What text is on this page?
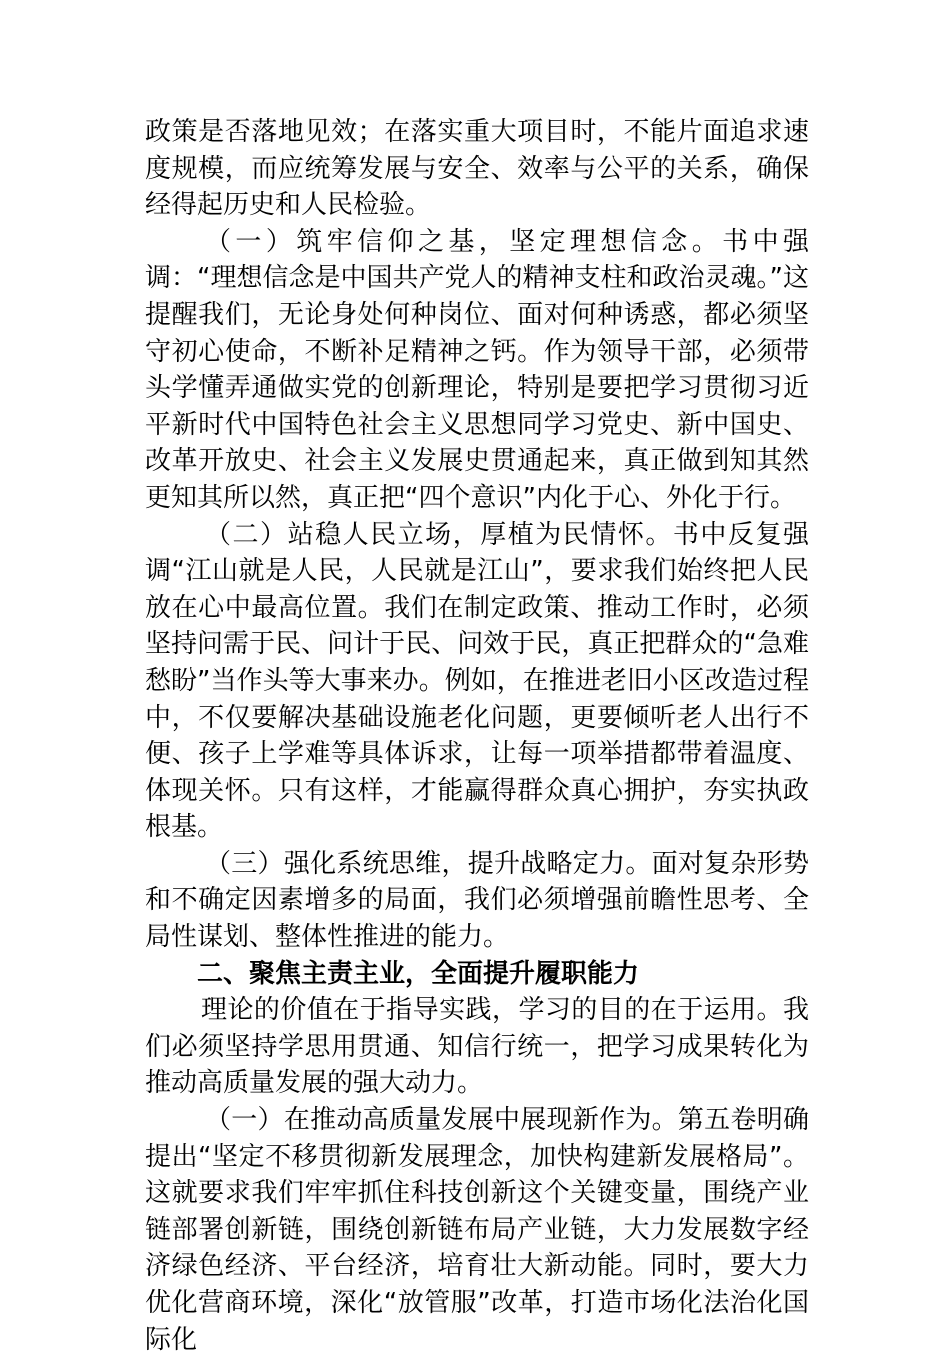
政策是否落地见效；在落实重大项目时，不能片面追求速度规模，而应统筹发展与安全、效率与公平的关系，确保经得起历史和人民检验。

（一）筑牢信仰之基，坚定理想信念。书中强调：“理想信念是中国共产党人的精神支柱和政治灵魂。”这提醒我们，无论身处何种岗位、面对何种诱惑，都必须坚守初心使命，不断补足精神之钙。作为领导干部，必须带头学懂弄通做实党的创新理论，特别是要把学习贯彻习近平新时代中国特色社会主义思想同学习党史、新中国史、改革开放史、社会主义发展史贯通起来，真正做到知其然更知其所以然，真正把“四个意识”内化于心、外化于行。

（二）站稳人民立场，厚植为民情怀。书中反复强调“江山就是人民，人民就是江山”，要求我们始终把人民放在心中最高位置。我们在制定政策、推动工作时，必须坚持问需于民、问计于民、问效于民，真正把群众的“急难愁盼”当作头等大事来办。例如，在推进老旧小区改造过程中，不仅要解决基础设施老化问题，更要倾听老人出行不便、孩子上学难等具体诉求，让每一项举措都带着温度、体现关怀。只有这样，才能赢得群众真心拥护，夯实执政根基。

（三）强化系统思维，提升战略定力。面对复杂形势和不确定因素增多的局面，我们必须增强前瞻性思考、全局性谋划、整体性推进的能力。

二、聚焦主责主业，全面提升履职能力

理论的价值在于指导实践，学习的目的在于运用。我们必须坚持学思用贯通、知信行统一，把学习成果转化为推动高质量发展的强大动力。

（一）在推动高质量发展中展现新作为。第五卷明确提出“坚定不移贯彻新发展理念，加快构建新发展格局”。这就要求我们牢牢抓住科技创新这个关键变量，围绕产业链部署创新链，围绕创新链布局产业链，大力发展数字经济绿色经济、平台经济，培育壮大新动能。同时，要大力优化营商环境，深化“放管服”改革，打造市场化法治化国际化
